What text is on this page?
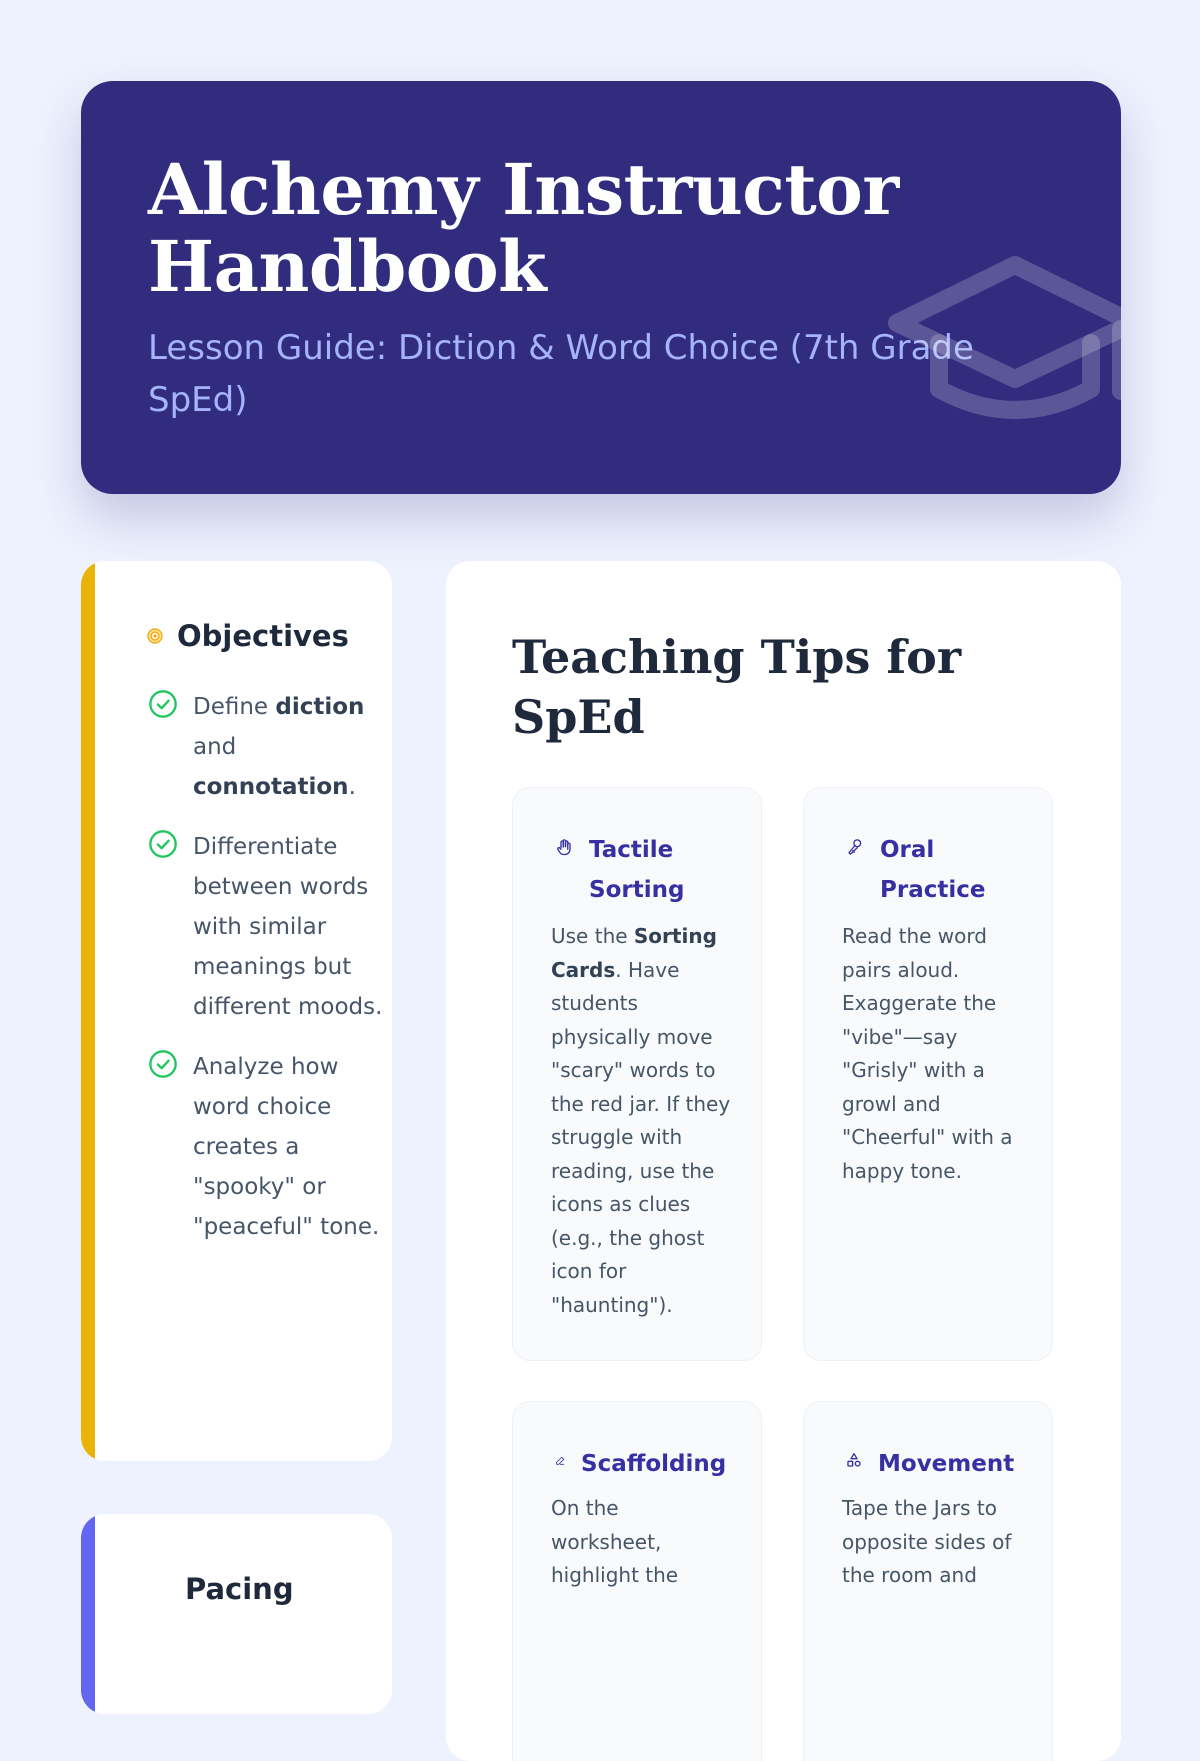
Alchemy Instructor Handbook
Lesson Guide: Diction & Word Choice (7th Grade SpEd)
Objectives
Define diction and connotation.
Differentiate between words with similar meanings but different moods.
Analyze how word choice creates a "spooky" or "peaceful" tone.
Pacing
Teaching Tips for SpEd
Tactile Sorting
Use the Sorting Cards. Have students physically move "scary" words to the red jar. If they struggle with reading, use the icons as clues (e.g., the ghost icon for "haunting").
Oral Practice
Read the word pairs aloud. Exaggerate the "vibe"—say "Grisly" with a growl and "Cheerful" with a happy tone.
Scaffolding
On the worksheet, highlight the
Movement
Tape the Jars to opposite sides of the room and
